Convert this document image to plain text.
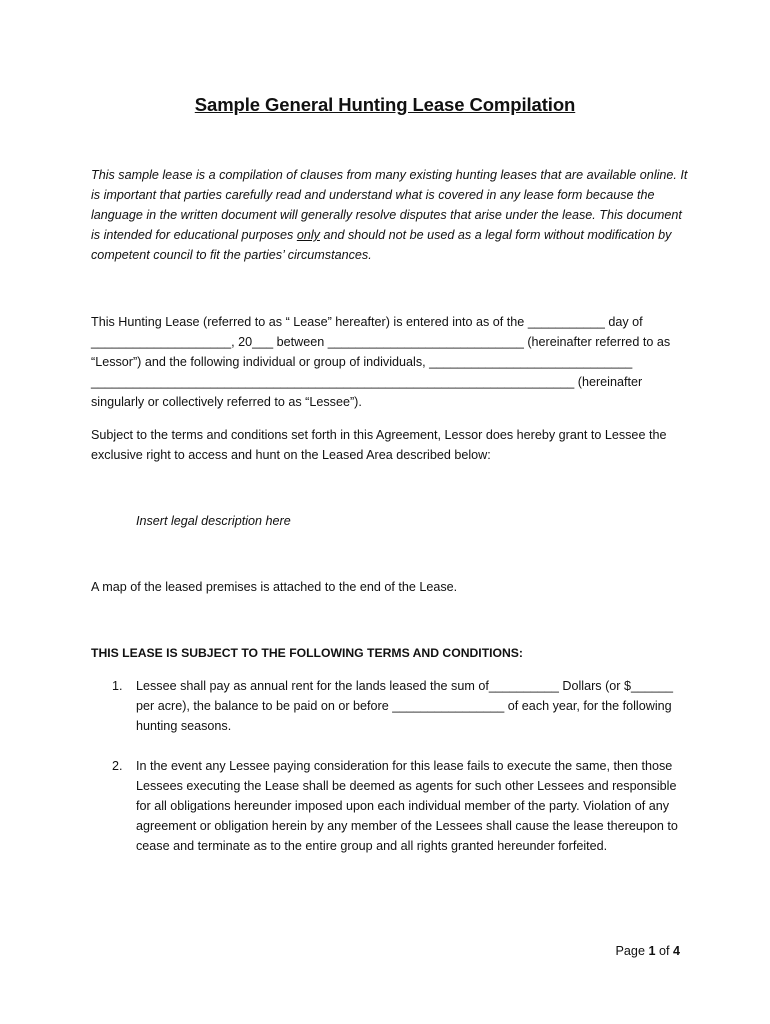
Sample General Hunting Lease Compilation

This sample lease is a compilation of clauses from many existing hunting leases that are available online. It is important that parties carefully read and understand what is covered in any lease form because the language in the written document will generally resolve disputes that arise under the lease. This document is intended for educational purposes only and should not be used as a legal form without modification by competent council to fit the parties’ circumstances.

This Hunting Lease (referred to as “ Lease” hereafter) is entered into as of the ___________ day of
____________________, 20___ between ____________________________ (hereinafter referred to as
“Lessor”) and the following individual or group of individuals, _____________________________
_____________________________________________________________________ (hereinafter
singularly or collectively referred to as “Lessee”).

Subject to the terms and conditions set forth in this Agreement, Lessor does hereby grant to Lessee the exclusive right to access and hunt on the Leased Area described below:

Insert legal description here

A map of the leased premises is attached to the end of the Lease.

THIS LEASE IS SUBJECT TO THE FOLLOWING TERMS AND CONDITIONS:

1.	Lessee shall pay as annual rent for the lands leased the sum of__________ Dollars (or $______ per acre), the balance to be paid on or before ________________ of each year, for the following hunting seasons.
2.	In the event any Lessee paying consideration for this lease fails to execute the same, then those Lessees executing the Lease shall be deemed as agents for such other Lessees and responsible for all obligations hereunder imposed upon each individual member of the party. Violation of any agreement or obligation herein by any member of the Lessees shall cause the lease thereupon to cease and terminate as to the entire group and all rights granted hereunder forfeited.

Page 1 of 4
